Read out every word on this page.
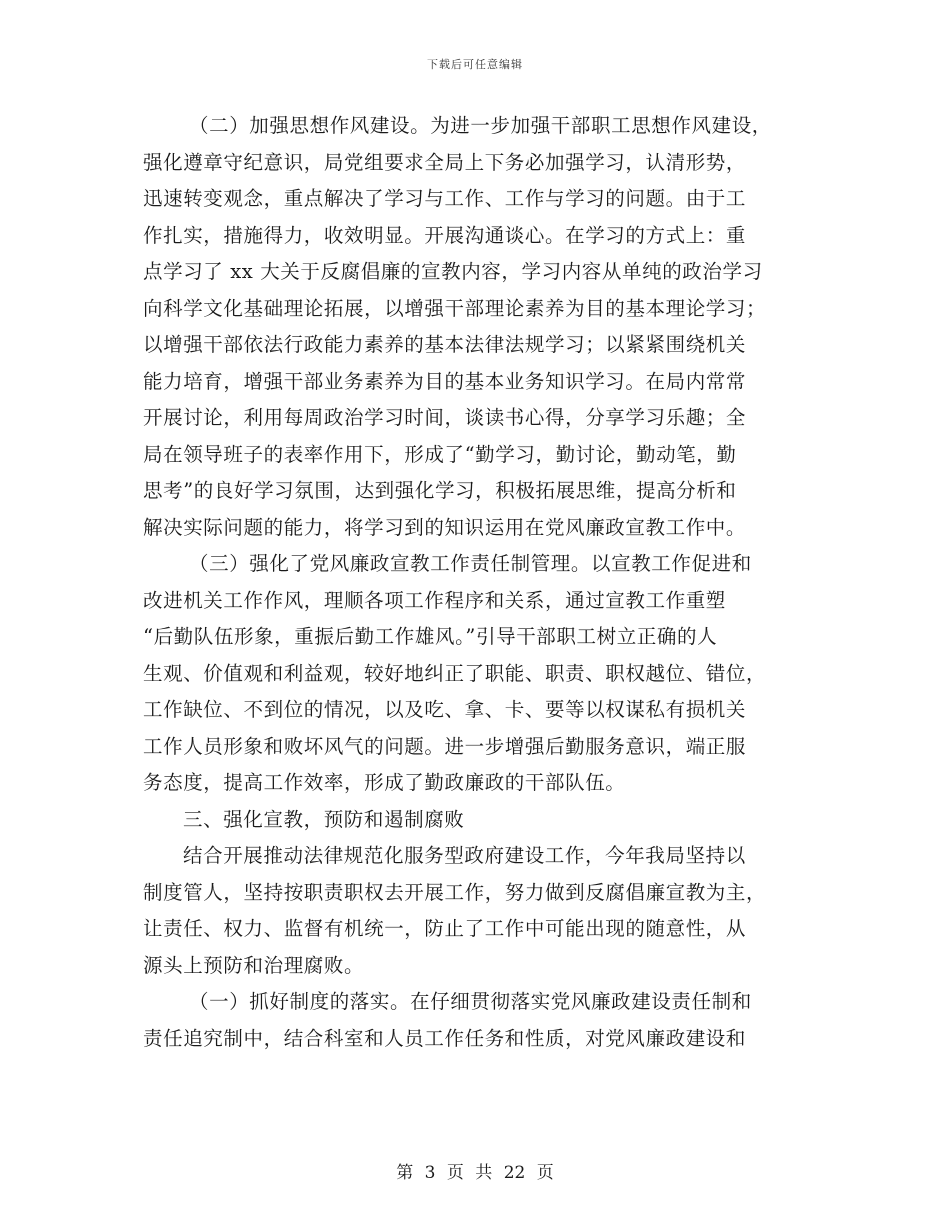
下载后可任意编辑
（二）加强思想作风建设。为进一步加强干部职工思想作风建设，
强化遵章守纪意识，局党组要求全局上下务必加强学习，认清形势，
迅速转变观念，重点解决了学习与工作、工作与学习的问题。由于工
作扎实，措施得力，收效明显。开展沟通谈心。在学习的方式上：重
点学习了 xx 大关于反腐倡廉的宣教内容，学习内容从单纯的政治学习
向科学文化基础理论拓展，以增强干部理论素养为目的基本理论学习；
以增强干部依法行政能力素养的基本法律法规学习；以紧紧围绕机关
能力培育，增强干部业务素养为目的基本业务知识学习。在局内常常
开展讨论，利用每周政治学习时间，谈读书心得，分享学习乐趣；全
局在领导班子的表率作用下，形成了“勤学习，勤讨论，勤动笔，勤
思考”的良好学习氛围，达到强化学习，积极拓展思维，提高分析和
解决实际问题的能力，将学习到的知识运用在党风廉政宣教工作中。
（三）强化了党风廉政宣教工作责任制管理。以宣教工作促进和
改进机关工作作风，理顺各项工作程序和关系，通过宣教工作重塑
“后勤队伍形象，重振后勤工作雄风。”引导干部职工树立正确的人
生观、价值观和利益观，较好地纠正了职能、职责、职权越位、错位，
工作缺位、不到位的情况，以及吃、拿、卡、要等以权谋私有损机关
工作人员形象和败坏风气的问题。进一步增强后勤服务意识，端正服
务态度，提高工作效率，形成了勤政廉政的干部队伍。
三、强化宣教，预防和遏制腐败
结合开展推动法律规范化服务型政府建设工作，今年我局坚持以
制度管人，坚持按职责职权去开展工作，努力做到反腐倡廉宣教为主，
让责任、权力、监督有机统一，防止了工作中可能出现的随意性，从
源头上预防和治理腐败。
（一）抓好制度的落实。在仔细贯彻落实党风廉政建设责任制和
责任追究制中，结合科室和人员工作任务和性质，对党风廉政建设和
第 3 页 共 22 页
